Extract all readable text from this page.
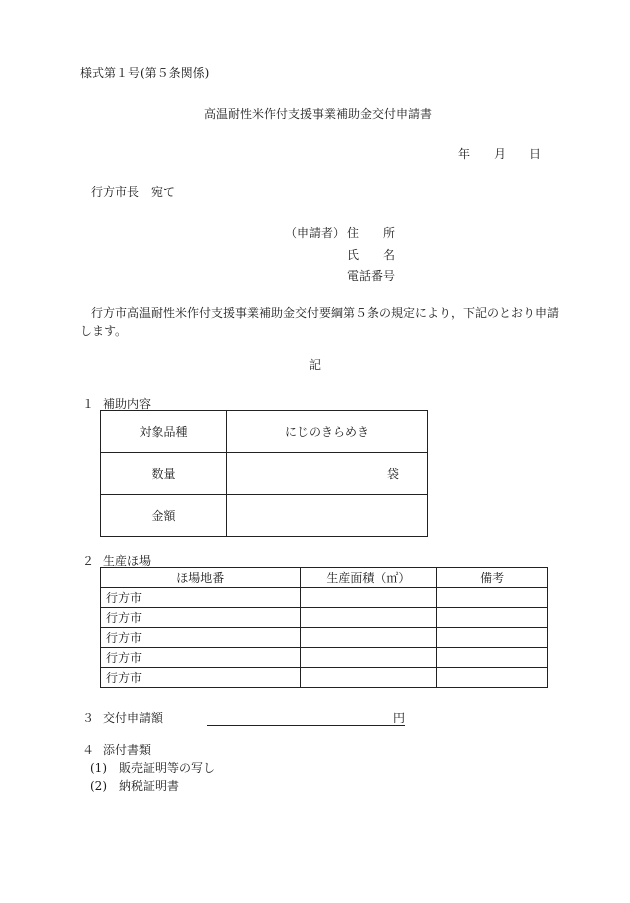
様式第１号(第５条関係)
高温耐性米作付支援事業補助金交付申請書
年 月 日
行方市長　宛て
（申請者） 住　　所
氏　　名
電話番号
行方市高温耐性米作付支援事業補助金交付要綱第５条の規定により，下記のとおり申請
します。
記
１ 補助内容
対象品種	にじのきらめき
数量	袋
金額	
２ 生産ほ場
ほ場地番	生産面積（㎡）	備考
行方市		
行方市		
行方市		
行方市		
行方市		
３ 交付申請額	円
４ 添付書類
(1) 販売証明等の写し
(2) 納税証明書
